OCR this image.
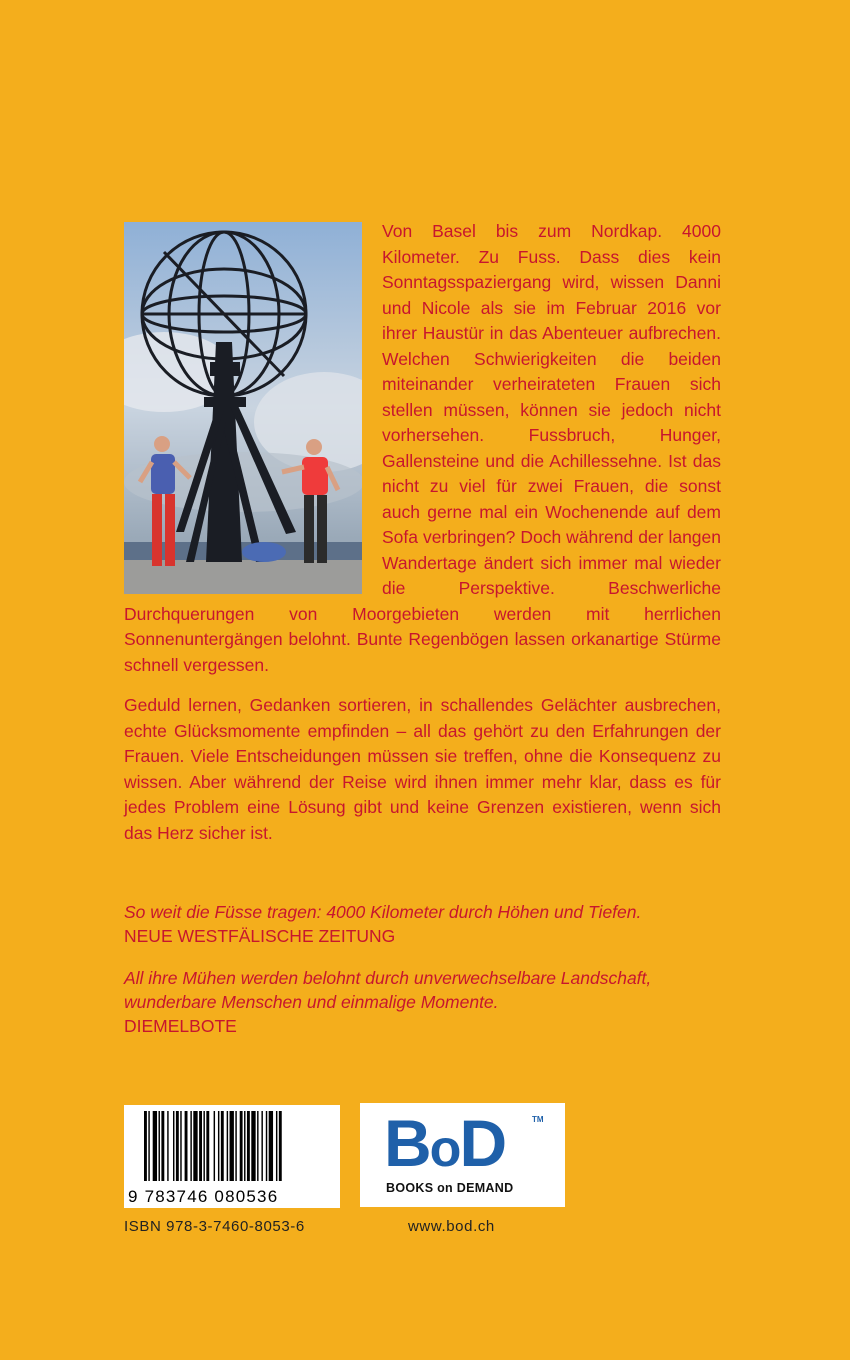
Von Basel bis zum Nordkap. 4000 Kilometer. Zu Fuss. Dass dies kein Sonntagsspaziergang wird, wissen Danni und Nicole als sie im Februar 2016 vor ihrer Haustür in das Abenteuer aufbrechen. Welchen Schwierigkeiten die beiden miteinander verheirateten Frauen sich stellen müssen, können sie jedoch nicht vorhersehen. Fussbruch, Hunger, Gallensteine und die Achillessehne. Ist das nicht zu viel für zwei Frauen, die sonst auch gerne mal ein Wochenende auf dem Sofa verbringen? Doch während der langen Wandertage ändert sich immer mal wieder die Perspektive. Beschwerliche Durchquerungen von Moorgebieten werden mit herrlichen Sonnenuntergängen belohnt. Bunte Regenbögen lassen orkanartige Stürme schnell vergessen.

Geduld lernen, Gedanken sortieren, in schallendes Gelächter ausbrechen, echte Glücksmomente empfinden – all das gehört zu den Erfahrungen der Frauen. Viele Entscheidungen müssen sie treffen, ohne die Konsequenz zu wissen. Aber während der Reise wird ihnen immer mehr klar, dass es für jedes Problem eine Lösung gibt und keine Grenzen existieren, wenn sich das Herz sicher ist.

So weit die Füsse tragen: 4000 Kilometer durch Höhen und Tiefen.
NEUE WESTFÄLISCHE ZEITUNG
All ihre Mühen werden belohnt durch unverwechselbare Landschaft, wunderbare Menschen und einmalige Momente.
DIEMELBOTE
9 783746 080536
BoD	TM
BOOKS on DEMAND
ISBN 978-3-7460-8053-6	www.bod.ch
